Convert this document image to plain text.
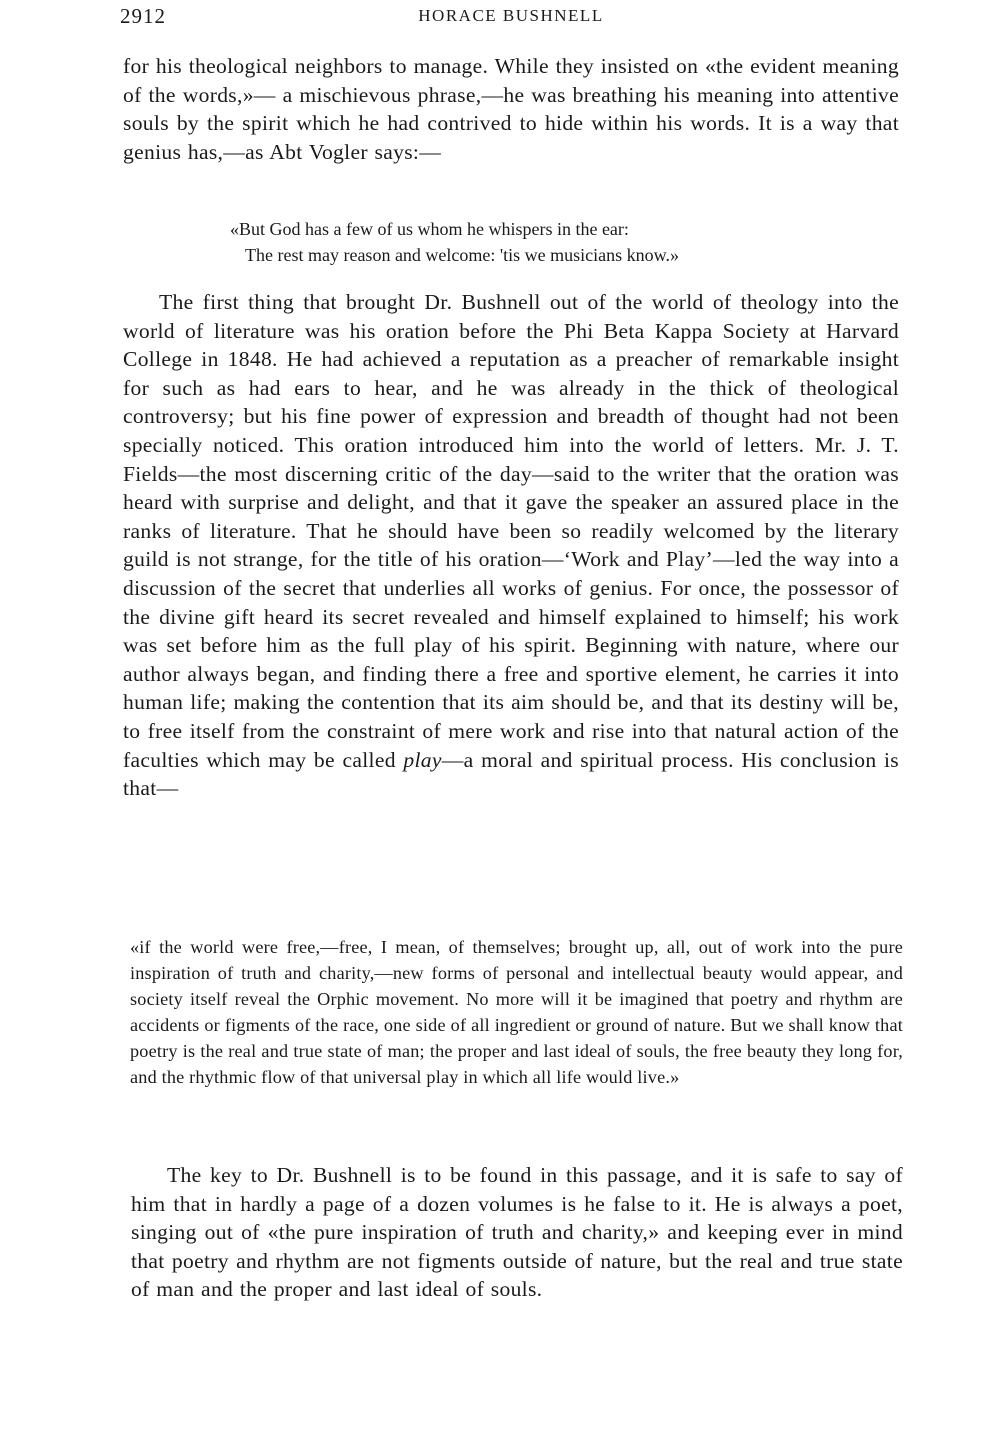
2912	HORACE BUSHNELL

for his theological neighbors to manage. While they insisted on «the evident meaning of the words,»— a mischievous phrase,—he was breathing his meaning into attentive souls by the spirit which he had contrived to hide within his words. It is a way that genius has,—as Abt Vogler says:—

«But God has a few of us whom he whispers in the ear:
The rest may reason and welcome: 'tis we musicians know.»

The first thing that brought Dr. Bushnell out of the world of theology into the world of literature was his oration before the Phi Beta Kappa Society at Harvard College in 1848. He had achieved a reputation as a preacher of remarkable insight for such as had ears to hear, and he was already in the thick of theological controversy; but his fine power of expression and breadth of thought had not been specially noticed. This oration introduced him into the world of letters. Mr. J. T. Fields—the most discerning critic of the day—said to the writer that the oration was heard with surprise and delight, and that it gave the speaker an assured place in the ranks of literature. That he should have been so readily welcomed by the literary guild is not strange, for the title of his oration—‘Work and Play’—led the way into a discussion of the secret that underlies all works of genius. For once, the possessor of the divine gift heard its secret revealed and himself explained to himself; his work was set before him as the full play of his spirit. Beginning with nature, where our author always began, and finding there a free and sportive element, he carries it into human life; making the contention that its aim should be, and that its destiny will be, to free itself from the constraint of mere work and rise into that natural action of the faculties which may be called play—a moral and spiritual process. His conclusion is that—

«if the world were free,—free, I mean, of themselves; brought up, all, out of work into the pure inspiration of truth and charity,—new forms of personal and intellectual beauty would appear, and society itself reveal the Orphic movement. No more will it be imagined that poetry and rhythm are accidents or figments of the race, one side of all ingredient or ground of nature. But we shall know that poetry is the real and true state of man; the proper and last ideal of souls, the free beauty they long for, and the rhythmic flow of that universal play in which all life would live.»

The key to Dr. Bushnell is to be found in this passage, and it is safe to say of him that in hardly a page of a dozen volumes is he false to it. He is always a poet, singing out of «the pure inspiration of truth and charity,» and keeping ever in mind that poetry and rhythm are not figments outside of nature, but the real and true state of man and the proper and last ideal of souls.
